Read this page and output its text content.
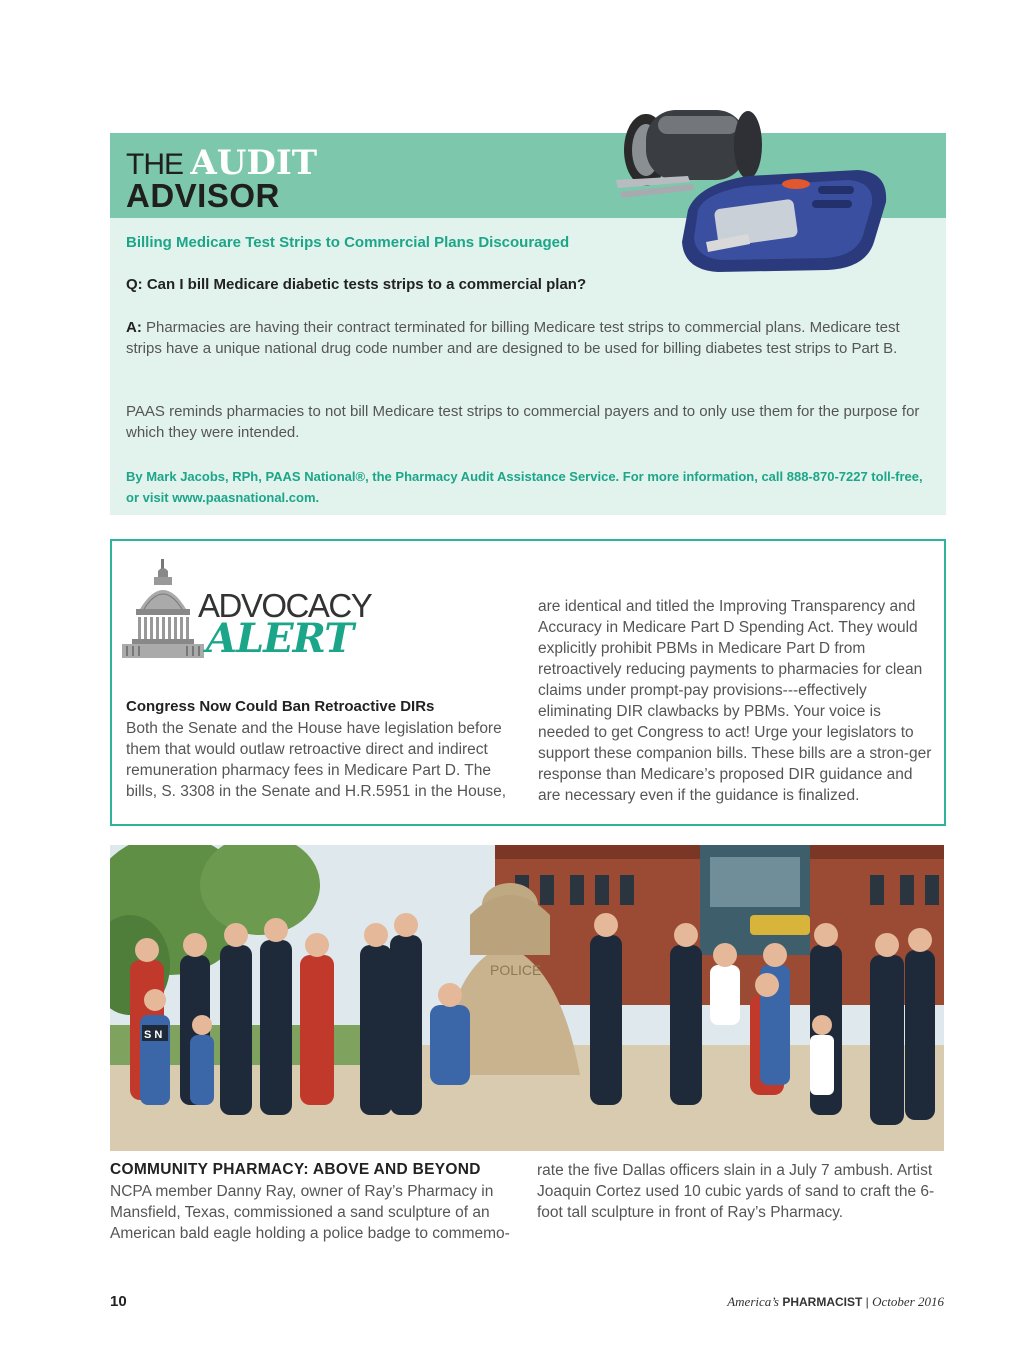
THE AUDIT
ADVISOR
Billing Medicare Test Strips to Commercial Plans Discouraged
Q: Can I bill Medicare diabetic tests strips to a commercial plan?
A: Pharmacies are having their contract terminated for billing Medicare test strips to commercial plans. Medicare test strips have a unique national drug code number and are designed to be used for billing diabetes test strips to Part B.
PAAS reminds pharmacies to not bill Medicare test strips to commercial payers and to only use them for the purpose for which they were intended.
By Mark Jacobs, RPh, PAAS National®, the Pharmacy Audit Assistance Service. For more information, call 888-870-7227 toll-free, or visit www.paasnational.com.
ADVOCACY
ALERT
Congress Now Could Ban Retroactive DIRs
Both the Senate and the House have legislation before them that would outlaw retroactive direct and indirect remuneration pharmacy fees in Medicare Part D. The bills, S. 3308 in the Senate and H.R.5951 in the House,
are identical and titled the Improving Transparency and Accuracy in Medicare Part D Spending Act. They would explicitly prohibit PBMs in Medicare Part D from retroactively reducing payments to pharmacies for clean claims under prompt-pay provisions---effectively eliminating DIR clawbacks by PBMs. Your voice is needed to get Congress to act! Urge your legislators to support these companion bills. These bills are a stron-ger response than Medicare’s proposed DIR guidance and are necessary even if the guidance is finalized.
POLICE
S N
COMMUNITY PHARMACY: ABOVE AND BEYOND
NCPA member Danny Ray, owner of Ray’s Pharmacy in Mansfield, Texas, commissioned a sand sculpture of an American bald eagle holding a police badge to commemo-
rate the five Dallas officers slain in a July 7 ambush. Artist Joaquin Cortez used 10 cubic yards of sand to craft the 6-foot tall sculpture in front of Ray’s Pharmacy.
10	America’s PHARMACIST | October 2016
